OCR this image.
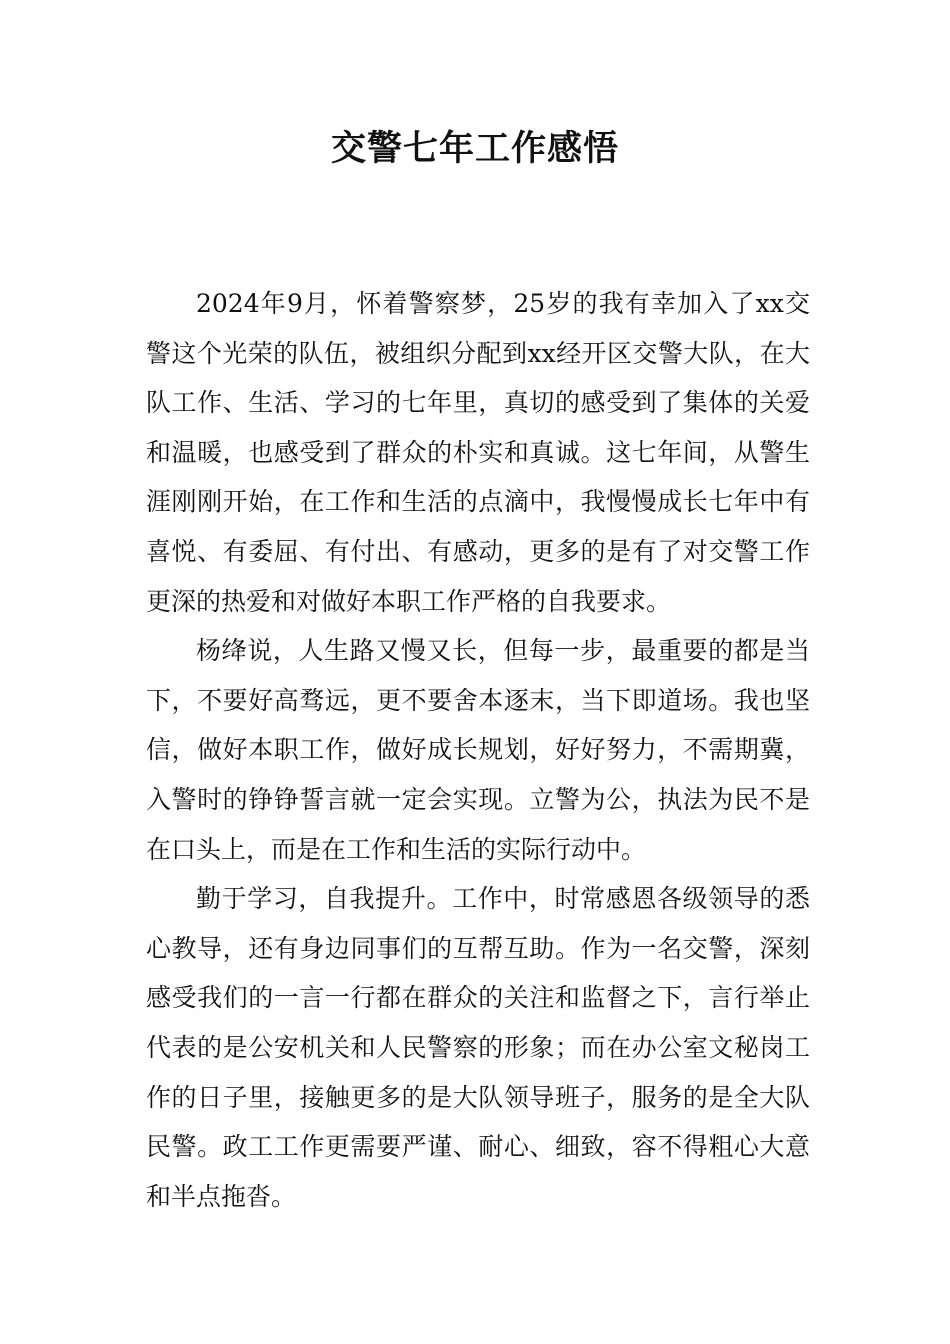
交警七年工作感悟

2024年9月，怀着警察梦，25岁的我有幸加入了xx交警这个光荣的队伍，被组织分配到xx经开区交警大队，在大队工作、生活、学习的七年里，真切的感受到了集体的关爱和温暖，也感受到了群众的朴实和真诚。这七年间，从警生涯刚刚开始，在工作和生活的点滴中，我慢慢成长七年中有喜悦、有委屈、有付出、有感动，更多的是有了对交警工作更深的热爱和对做好本职工作严格的自我要求。

杨绛说，人生路又慢又长，但每一步，最重要的都是当下，不要好高骛远，更不要舍本逐末，当下即道场。我也坚信，做好本职工作，做好成长规划，好好努力，不需期冀，入警时的铮铮誓言就一定会实现。立警为公，执法为民不是在口头上，而是在工作和生活的实际行动中。

勤于学习，自我提升。工作中，时常感恩各级领导的悉心教导，还有身边同事们的互帮互助。作为一名交警，深刻感受我们的一言一行都在群众的关注和监督之下，言行举止代表的是公安机关和人民警察的形象；而在办公室文秘岗工作的日子里，接触更多的是大队领导班子，服务的是全大队民警。政工工作更需要严谨、耐心、细致，容不得粗心大意和半点拖沓。
